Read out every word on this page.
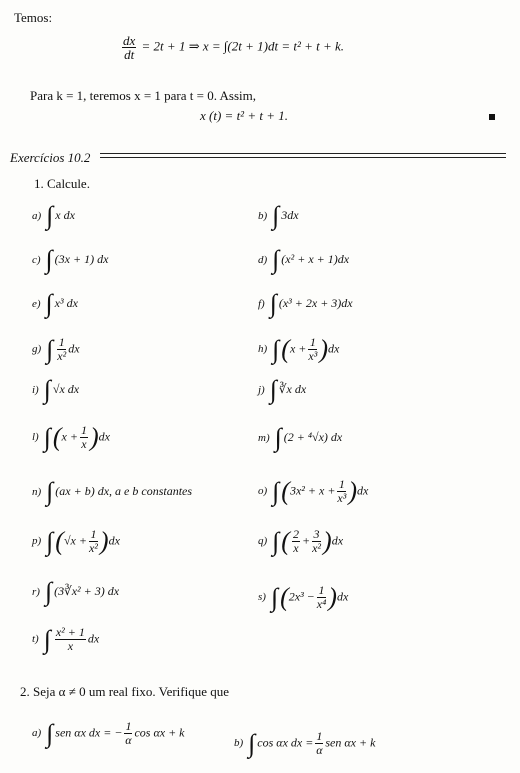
Temos:
$\frac{dx}{dt} = 2t + 1$ ⇒ x = ∫(2t + 1)dt = t² + t + k.
Para k = 1, teremos x = 1 para t = 0. Assim,
x (t) = t² + t + 1.
Exercícios 10.2
1. Calcule.
a) ∫ x dx	b) ∫ 3dx
c) ∫ (3x + 1) dx	d) ∫ (x² + x + 1)dx
e) ∫ x³ dx	f) ∫ (x³ + 2x + 3)dx
g) ∫ $\frac{1}{\text{x²}}$ dx	h) $\int(x + \frac{1}{\text{x³}} )dx$
i) ∫ √x dx	j) ∫ ∛x dx
l) $\int(x + \frac{1}{x} )dx$	m) ∫ (2 + ⁴√x) dx
n) ∫ (ax + b) dx, a e b constantes	o) $\int(3x^2 + x + \frac{1}{\text{x³}} )dx$
p) $\int(√x + \frac{1}{\text{x²}} )dx$	q) ∫( $\frac{2}{x} + \frac{3}{\text{x²}} )dx$
r) ∫ (3∛x² + 3) dx	s) $\int(2x^3 - \frac{1}{\text{x⁴}} )dx$
t) ∫ $\frac{\text{x² + 1}}{x}$ dx
2. Seja α ≠ 0 um real fixo. Verifique que
a) ∫ sen αx dx = − $\frac{1}{\alpha}$ cos αx + k
b) ∫ cos αx dx = $\frac{1}{\alpha}$ sen αx + k
